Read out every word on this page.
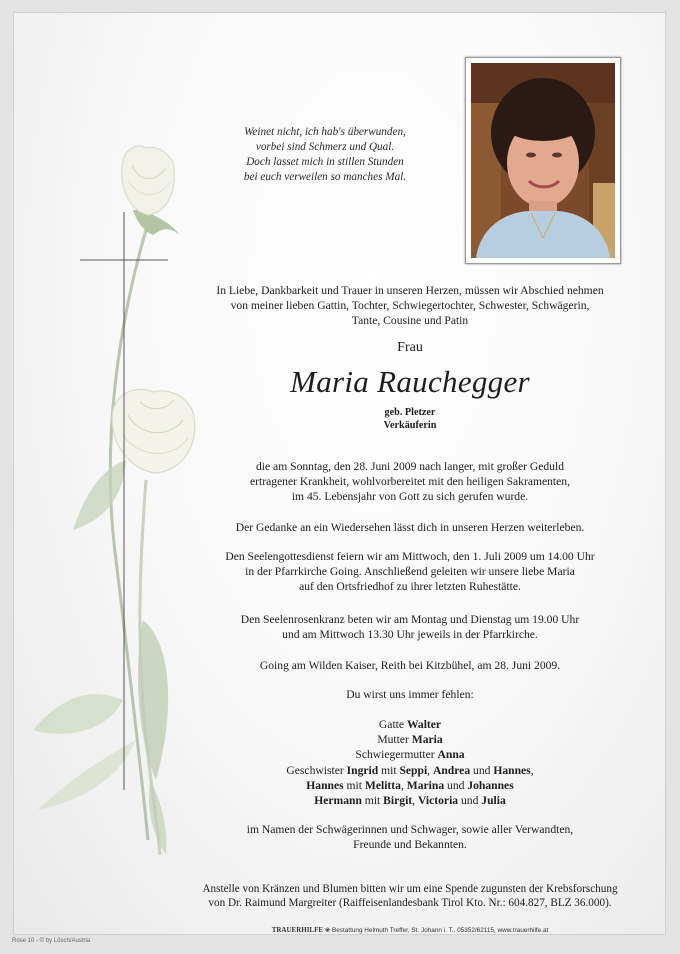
Weinet nicht, ich hab's überwunden,
vorbei sind Schmerz und Qual.
Doch lasset mich in stillen Stunden
bei euch verweilen so manches Mal.
In Liebe, Dankbarkeit und Trauer in unseren Herzen, müssen wir Abschied nehmen
von meiner lieben Gattin, Tochter, Schwiegertochter, Schwester, Schwägerin,
Tante, Cousine und Patin
Frau
Maria Rauchegger
geb. Pletzer
Verkäuferin
die am Sonntag, den 28. Juni 2009 nach langer, mit großer Geduld
ertragener Krankheit, wohlvorbereitet mit den heiligen Sakramenten,
im 45. Lebensjahr von Gott zu sich gerufen wurde.
Der Gedanke an ein Wiedersehen lässt dich in unseren Herzen weiterleben.
Den Seelengottesdienst feiern wir am Mittwoch, den 1. Juli 2009 um 14.00 Uhr
in der Pfarrkirche Going. Anschließend geleiten wir unsere liebe Maria
auf den Ortsfriedhof zu ihrer letzten Ruhestätte.
Den Seelenrosenkranz beten wir am Montag und Dienstag um 19.00 Uhr
und am Mittwoch 13.30 Uhr jeweils in der Pfarrkirche.
Going am Wilden Kaiser, Reith bei Kitzbühel, am 28. Juni 2009.
Du wirst uns immer fehlen:
Gatte Walter
Mutter Maria
Schwiegermutter Anna
Geschwister Ingrid mit Seppi, Andrea und Hannes,
Hannes mit Melitta, Marina und Johannes
Hermann mit Birgit, Victoria und Julia
im Namen der Schwägerinnen und Schwager, sowie aller Verwandten,
Freunde und Bekannten.
Anstelle von Kränzen und Blumen bitten wir um eine Spende zugunsten der Krebsforschung
von Dr. Raimund Margreiter (Raiffeisenlandesbank Tirol Kto. Nr.: 604.827, BLZ 36.000).
TRAUERHILFE ❀ Bestattung Helmuth Treffer, St. Johann i. T., 05352/62115, www.trauerhilfe.at
Rose 10 - © by Lösch/Austria
